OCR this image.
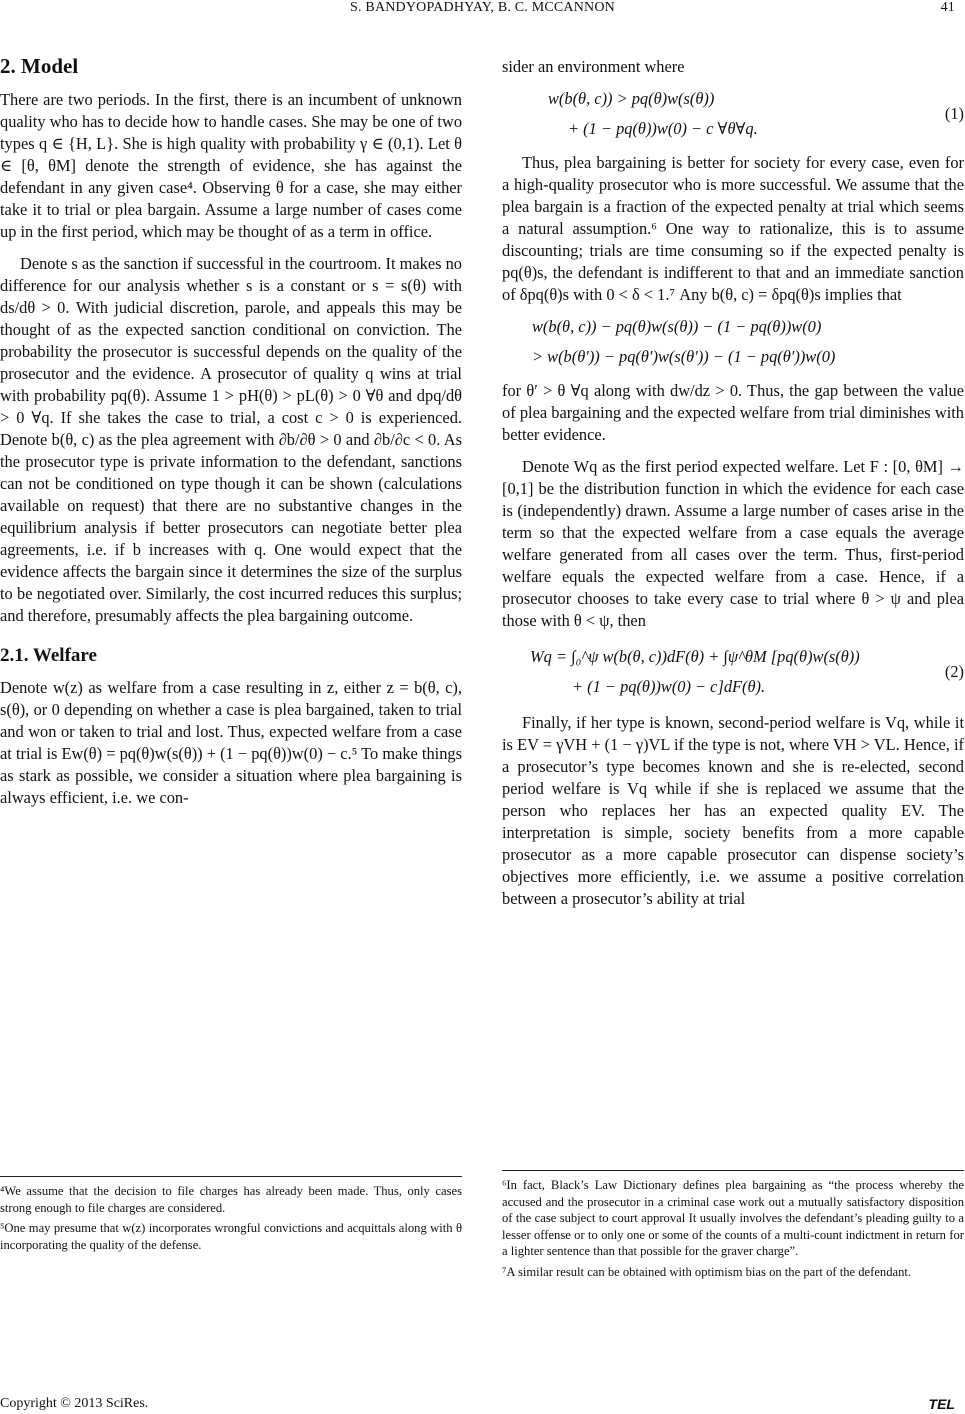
S. BANDYOPADHYAY, B. C. MCCANNON	41
2. Model

There are two periods. In the first, there is an incumbent of unknown quality who has to decide how to handle cases. She may be one of two types q ∈ {H, L}. She is high quality with probability γ ∈ (0,1). Let θ ∈ [θ, θM] denote the strength of evidence, she has against the defendant in any given case⁴. Observing θ for a case, she may either take it to trial or plea bargain. Assume a large number of cases come up in the first period, which may be thought of as a term in office.

Denote s as the sanction if successful in the courtroom. It makes no difference for our analysis whether s is a constant or s = s(θ) with ds/dθ > 0. With judicial discretion, parole, and appeals this may be thought of as the expected sanction conditional on conviction. The probability the prosecutor is successful depends on the quality of the prosecutor and the evidence. A prosecutor of quality q wins at trial with probability pq(θ). Assume 1 > pH(θ) > pL(θ) > 0 ∀θ and dpq/dθ > 0 ∀q. If she takes the case to trial, a cost c > 0 is experienced. Denote b(θ, c) as the plea agreement with ∂b/∂θ > 0 and ∂b/∂c < 0. As the prosecutor type is private information to the defendant, sanctions can not be conditioned on type though it can be shown (calculations available on request) that there are no substantive changes in the equilibrium analysis if better prosecutors can negotiate better plea agreements, i.e. if b increases with q. One would expect that the evidence affects the bargain since it determines the size of the surplus to be negotiated over. Similarly, the cost incurred reduces this surplus; and therefore, presumably affects the plea bargaining outcome.

2.1. Welfare

Denote w(z) as welfare from a case resulting in z, either z = b(θ, c), s(θ), or 0 depending on whether a case is plea bargained, taken to trial and won or taken to trial and lost. Thus, expected welfare from a case at trial is Ew(θ) = pq(θ)w(s(θ)) + (1 − pq(θ))w(0) − c.⁵ To make things as stark as possible, we consider a situation where plea bargaining is always efficient, i.e. we con-

sider an environment where

w(b(θ, c)) > pq(θ)w(s(θ))
+ (1 − pq(θ))w(0) − c ∀θ∀q.
(1)

Thus, plea bargaining is better for society for every case, even for a high-quality prosecutor who is more successful. We assume that the plea bargain is a fraction of the expected penalty at trial which seems a natural assumption.⁶ One way to rationalize, this is to assume discounting; trials are time consuming so if the expected penalty is pq(θ)s, the defendant is indifferent to that and an immediate sanction of δpq(θ)s with 0 < δ < 1.⁷ Any b(θ, c) = δpq(θ)s implies that

w(b(θ, c)) − pq(θ)w(s(θ)) − (1 − pq(θ))w(0)
> w(b(θ′)) − pq(θ′)w(s(θ′)) − (1 − pq(θ′))w(0)

for θ′ > θ ∀q along with dw/dz > 0. Thus, the gap between the value of plea bargaining and the expected welfare from trial diminishes with better evidence.

Denote Wq as the first period expected welfare. Let F : [0, θM] → [0,1] be the distribution function in which the evidence for each case is (independently) drawn. Assume a large number of cases arise in the term so that the expected welfare from a case equals the average welfare generated from all cases over the term. Thus, first-period welfare equals the expected welfare from a case. Hence, if a prosecutor chooses to take every case to trial where θ > ψ and plea those with θ < ψ, then

Wq = ∫₀^ψ w(b(θ, c))dF(θ) + ∫ψ^θM [pq(θ)w(s(θ))
+ (1 − pq(θ))w(0) − c]dF(θ).
(2)

Finally, if her type is known, second-period welfare is Vq, while it is EV = γVH + (1 − γ)VL if the type is not, where VH > VL. Hence, if a prosecutor’s type becomes known and she is re-elected, second period welfare is Vq while if she is replaced we assume that the person who replaces her has an expected quality EV. The interpretation is simple, society benefits from a more capable prosecutor as a more capable prosecutor can dispense society’s objectives more efficiently, i.e. we assume a positive correlation between a prosecutor’s ability at trial

⁴We assume that the decision to file charges has already been made. Thus, only cases strong enough to file charges are considered.

⁵One may presume that w(z) incorporates wrongful convictions and acquittals along with θ incorporating the quality of the defense.

⁶In fact, Black’s Law Dictionary defines plea bargaining as “the process whereby the accused and the prosecutor in a criminal case work out a mutually satisfactory disposition of the case subject to court approval It usually involves the defendant’s pleading guilty to a lesser offense or to only one or some of the counts of a multi-count indictment in return for a lighter sentence than that possible for the graver charge”.

⁷A similar result can be obtained with optimism bias on the part of the defendant.

Copyright © 2013 SciRes.	TEL
